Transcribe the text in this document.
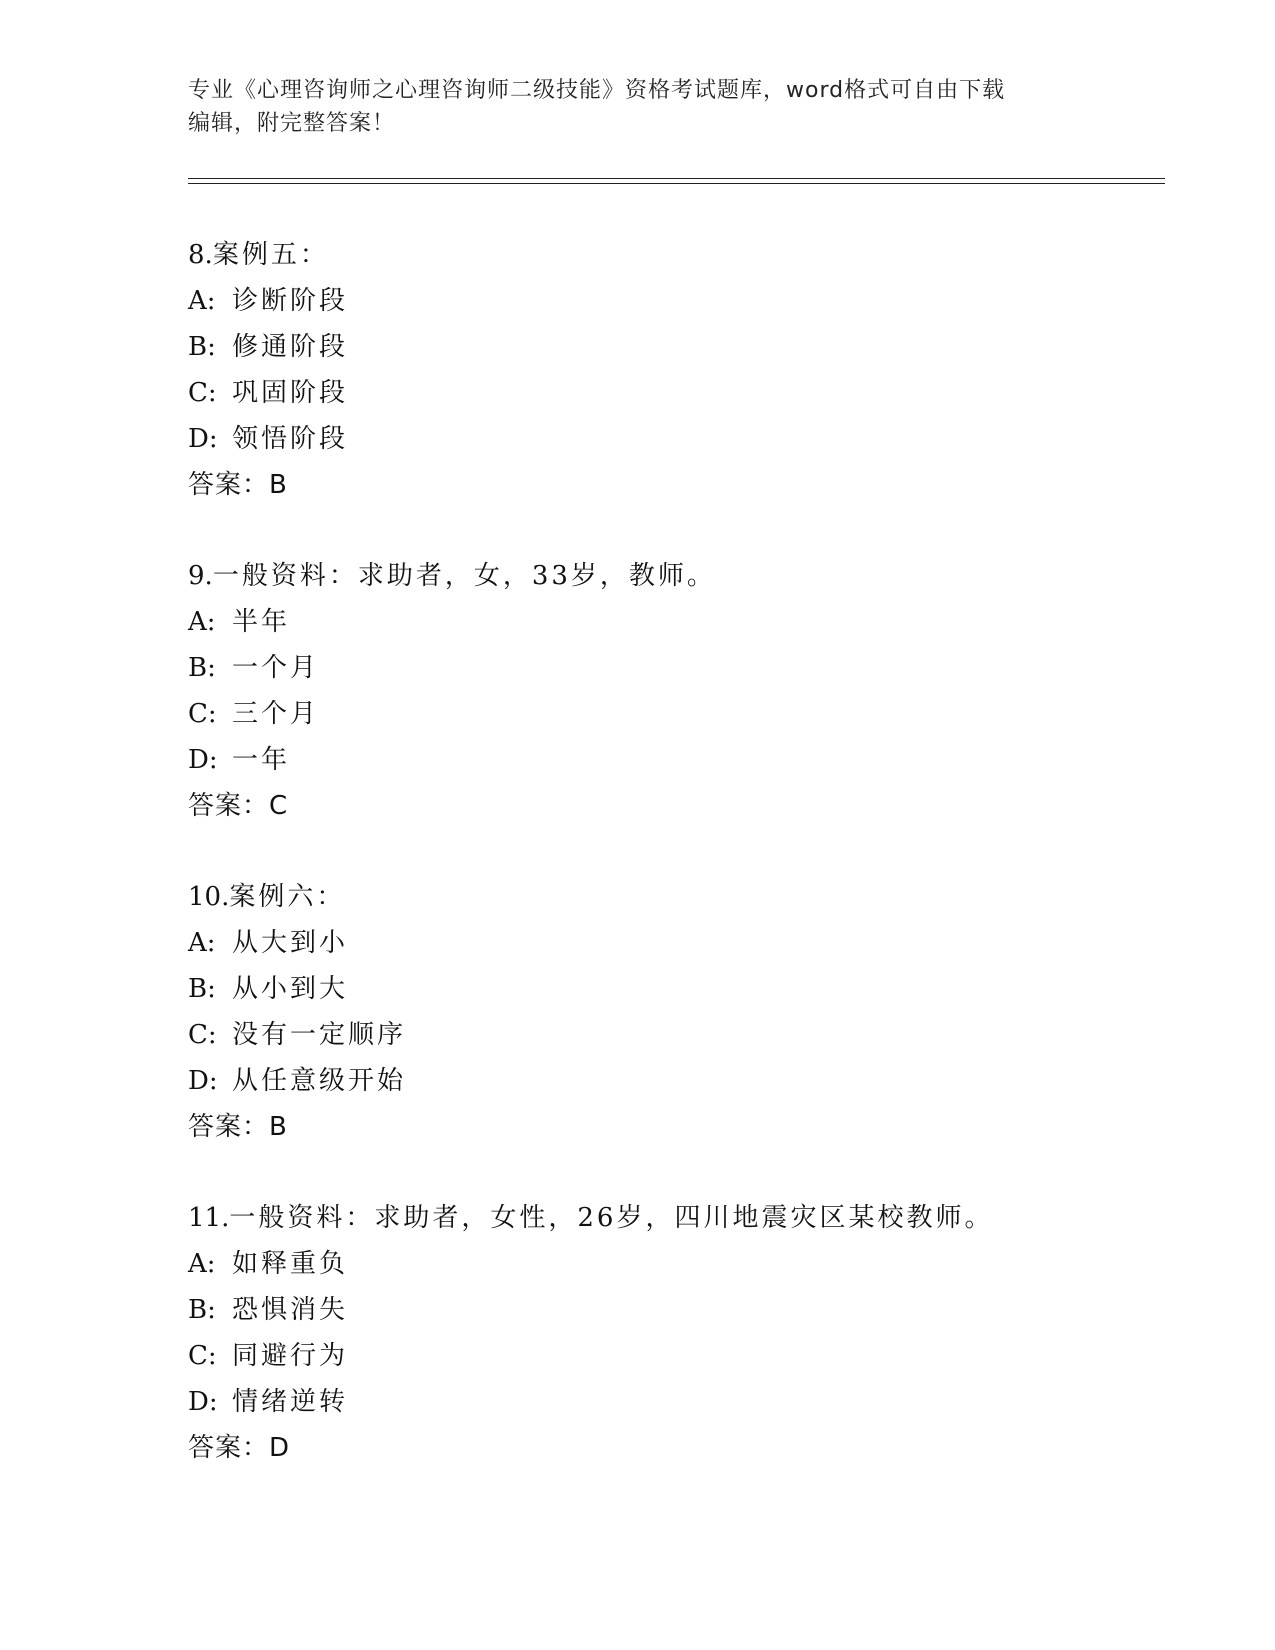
专业《心理咨询师之心理咨询师二级技能》资格考试题库，word格式可自由下载
编辑，附完整答案！
8.案例五：
A: 诊断阶段
B: 修通阶段
C: 巩固阶段
D: 领悟阶段
答案：B
9.一般资料：求助者，女，33岁，教师。
A: 半年
B: 一个月
C: 三个月
D: 一年
答案：C
10.案例六：
A: 从大到小
B: 从小到大
C: 没有一定顺序
D: 从任意级开始
答案：B
11.一般资料：求助者，女性，26岁，四川地震灾区某校教师。
A: 如释重负
B: 恐惧消失
C: 同避行为
D: 情绪逆转
答案：D
